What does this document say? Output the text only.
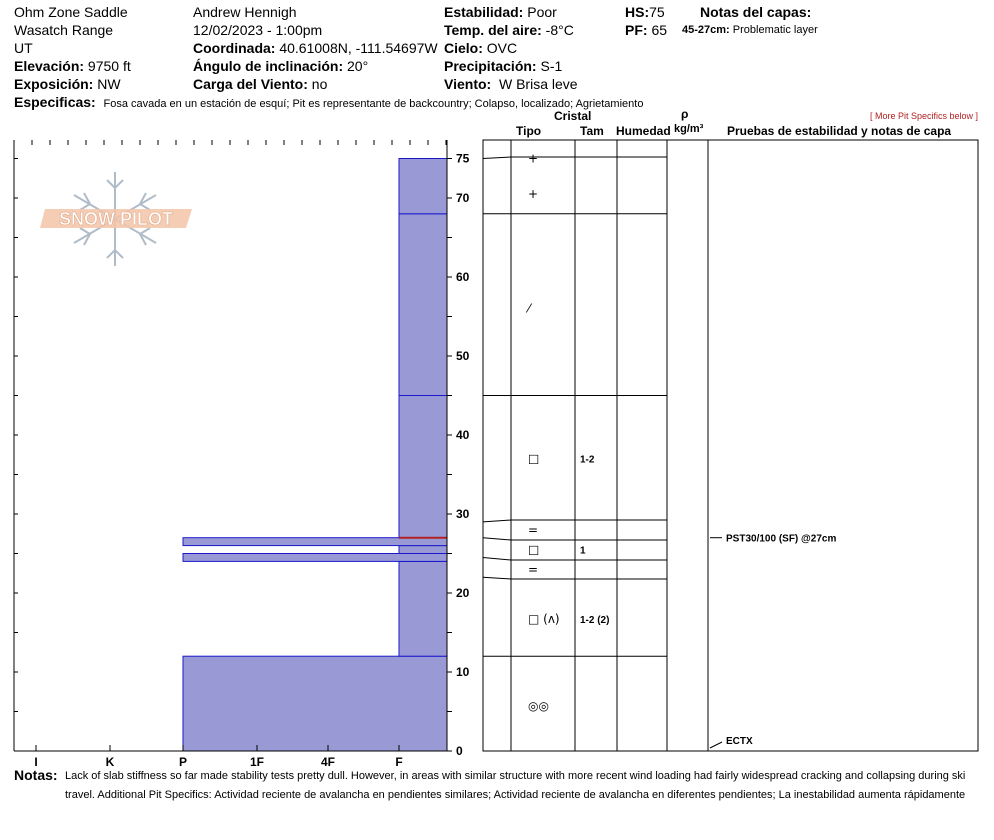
Ohm Zone Saddle
Wasatch Range
UT
Elevación: 9750 ft
Exposición: NW
Andrew Hennigh
12/02/2023 - 1:00pm
Coordinada: 40.61008N, -111.54697W
Ángulo de inclinación: 20°
Carga del Viento: no
Estabilidad: Poor
Temp. del aire: -8°C
Cielo: OVC
Precipitación: S-1
Viento: W Brisa leve
HS:75
PF: 65
Notas del capas:
45-27cm: Problematic layer
Especificas: Fosa cavada en un estación de esquí; Pit es representante de backcountry; Colapso, localizado; Agrietamiento
[ More Pit Specifics below ]
Cristal
Tipo	Tam Humedad
ρ
kg/m³ Pruebas de estabilidad y notas de capa
SNOW PILOT
0
10
20
30
40
50
60
70
75
I	K	P	1F	4F	F
+
+
⁄
□	1-2
=
□	1
=
□ (ʌ) 1-2 (2)
◎◎
PST30/100 (SF) @27cm
ECTX
Notas: Lack of slab stiffness so far made stability tests pretty dull. However, in areas with similar structure with more recent wind loading had fairly widespread cracking and collapsing during ski travel. Additional Pit Specifics: Actividad reciente de avalancha en pendientes similares; Actividad reciente de avalancha en diferentes pendientes; La inestabilidad aumenta rápidamente
